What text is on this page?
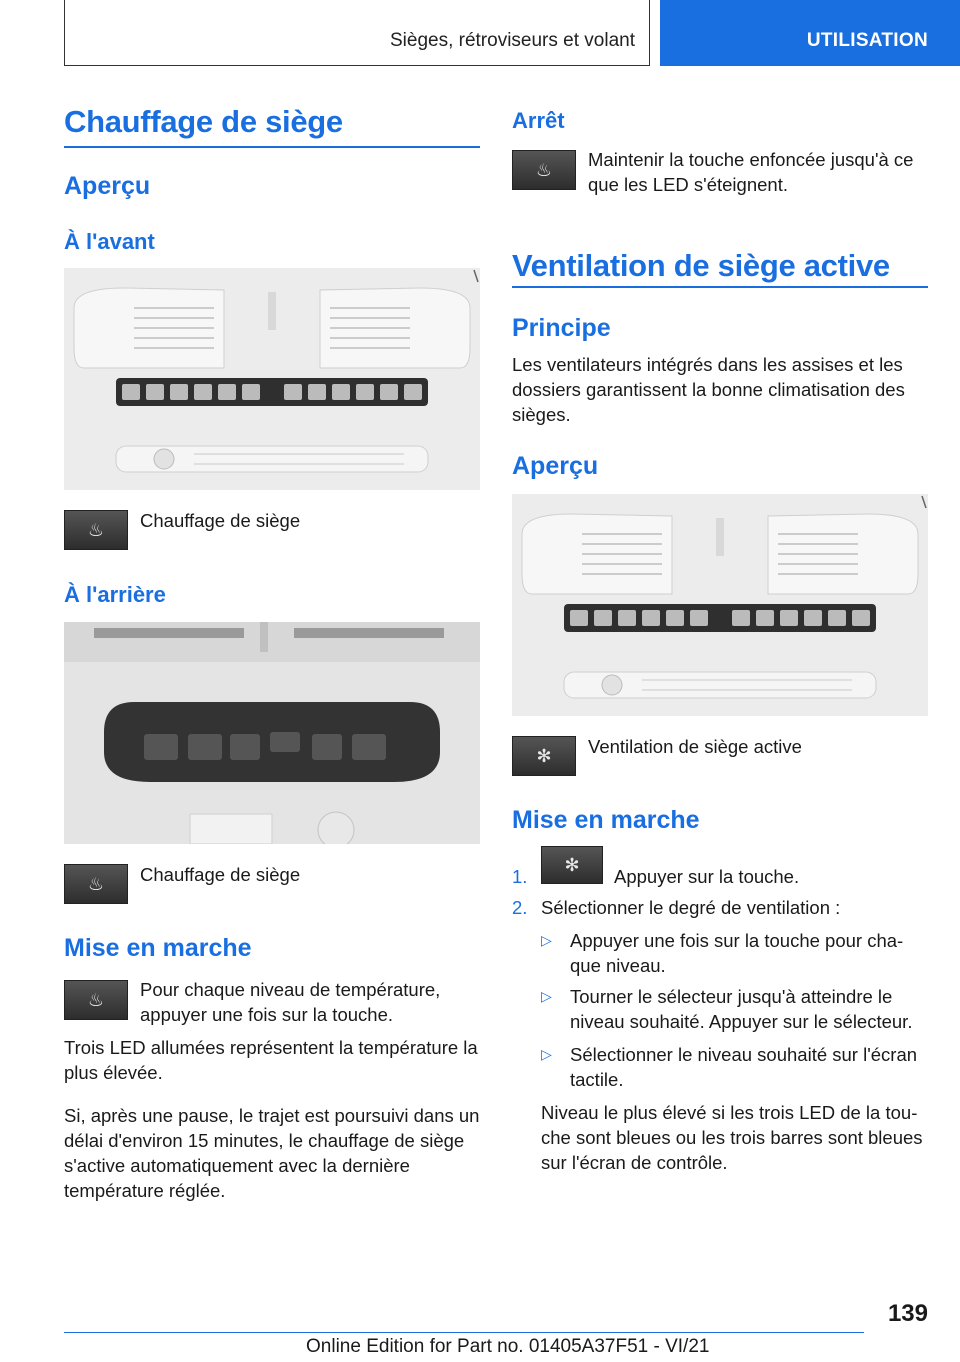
Sièges, rétroviseurs et volant	UTILISATION
Chauffage de siège
Aperçu
À l'avant
♨	Chauffage de siège
À l'arrière
♨	Chauffage de siège
Mise en marche
♨	Pour chaque niveau de température, appuyer une fois sur la touche.
Trois LED allumées représentent la température la plus élevée.
Si, après une pause, le trajet est poursuivi dans un délai d'environ 15 minutes, le chauffage de siège s'active automatiquement avec la dernière température réglée.
Arrêt
♨	Maintenir la touche enfoncée jusqu'à ce que les LED s'éteignent.
Ventilation de siège active
Principe
Les ventilateurs intégrés dans les assises et les dossiers garantissent la bonne climatisation des sièges.
Aperçu
✻	Ventilation de siège active
Mise en marche
1.
✻
Appuyer sur la touche.
2. Sélectionner le degré de ventilation :
▷ Appuyer une fois sur la touche pour cha-que niveau.
▷ Tourner le sélecteur jusqu'à atteindre le niveau souhaité. Appuyer sur le sélecteur.
▷ Sélectionner le niveau souhaité sur l'écran tactile.
Niveau le plus élevé si les trois LED de la tou-che sont bleues ou les trois barres sont bleues sur l'écran de contrôle.
139
Online Edition for Part no. 01405A37F51 - VI/21
